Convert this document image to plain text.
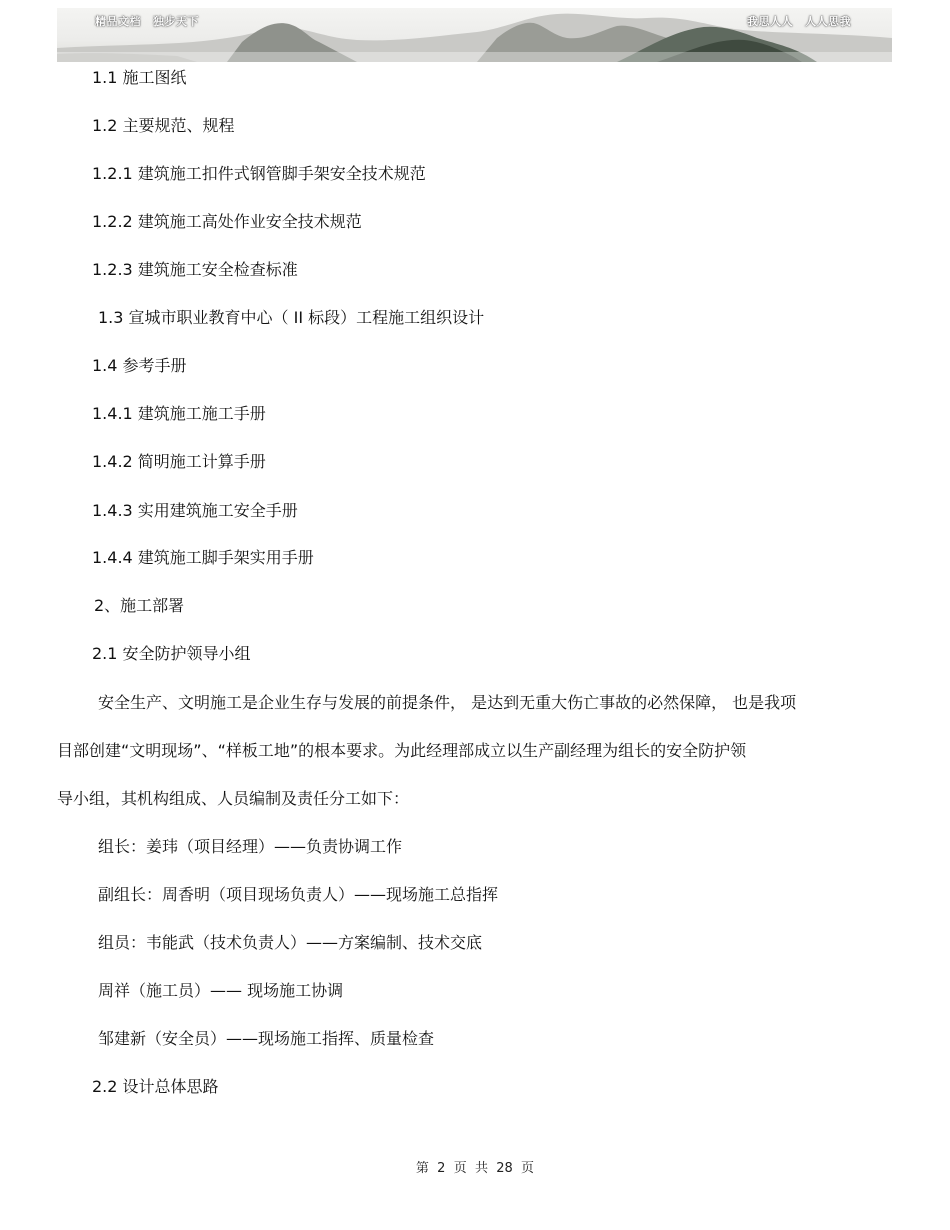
精品文档 独步天下	我思人人 人人思我
1.1 施工图纸
1.2 主要规范、规程
1.2.1 建筑施工扣件式钢管脚手架安全技术规范
1.2.2 建筑施工高处作业安全技术规范
1.2.3 建筑施工安全检查标准
1.3 宣城市职业教育中心（ II 标段）工程施工组织设计
1.4 参考手册
1.4.1 建筑施工施工手册
1.4.2 简明施工计算手册
1.4.3 实用建筑施工安全手册
1.4.4 建筑施工脚手架实用手册
2、施工部署
2.1 安全防护领导小组
安全生产、文明施工是企业生存与发展的前提条件， 是达到无重大伤亡事故的必然保障， 也是我项
目部创建“文明现场”、“样板工地”的根本要求。为此经理部成立以生产副经理为组长的安全防护领
导小组，其机构组成、人员编制及责任分工如下：
组长：姜玮（项目经理）——负责协调工作
副组长：周香明（项目现场负责人）——现场施工总指挥
组员：韦能武（技术负责人）——方案编制、技术交底
周祥（施工员）—— 现场施工协调
邹建新（安全员）——现场施工指挥、质量检查
2.2 设计总体思路
第  2  页  共  28  页
